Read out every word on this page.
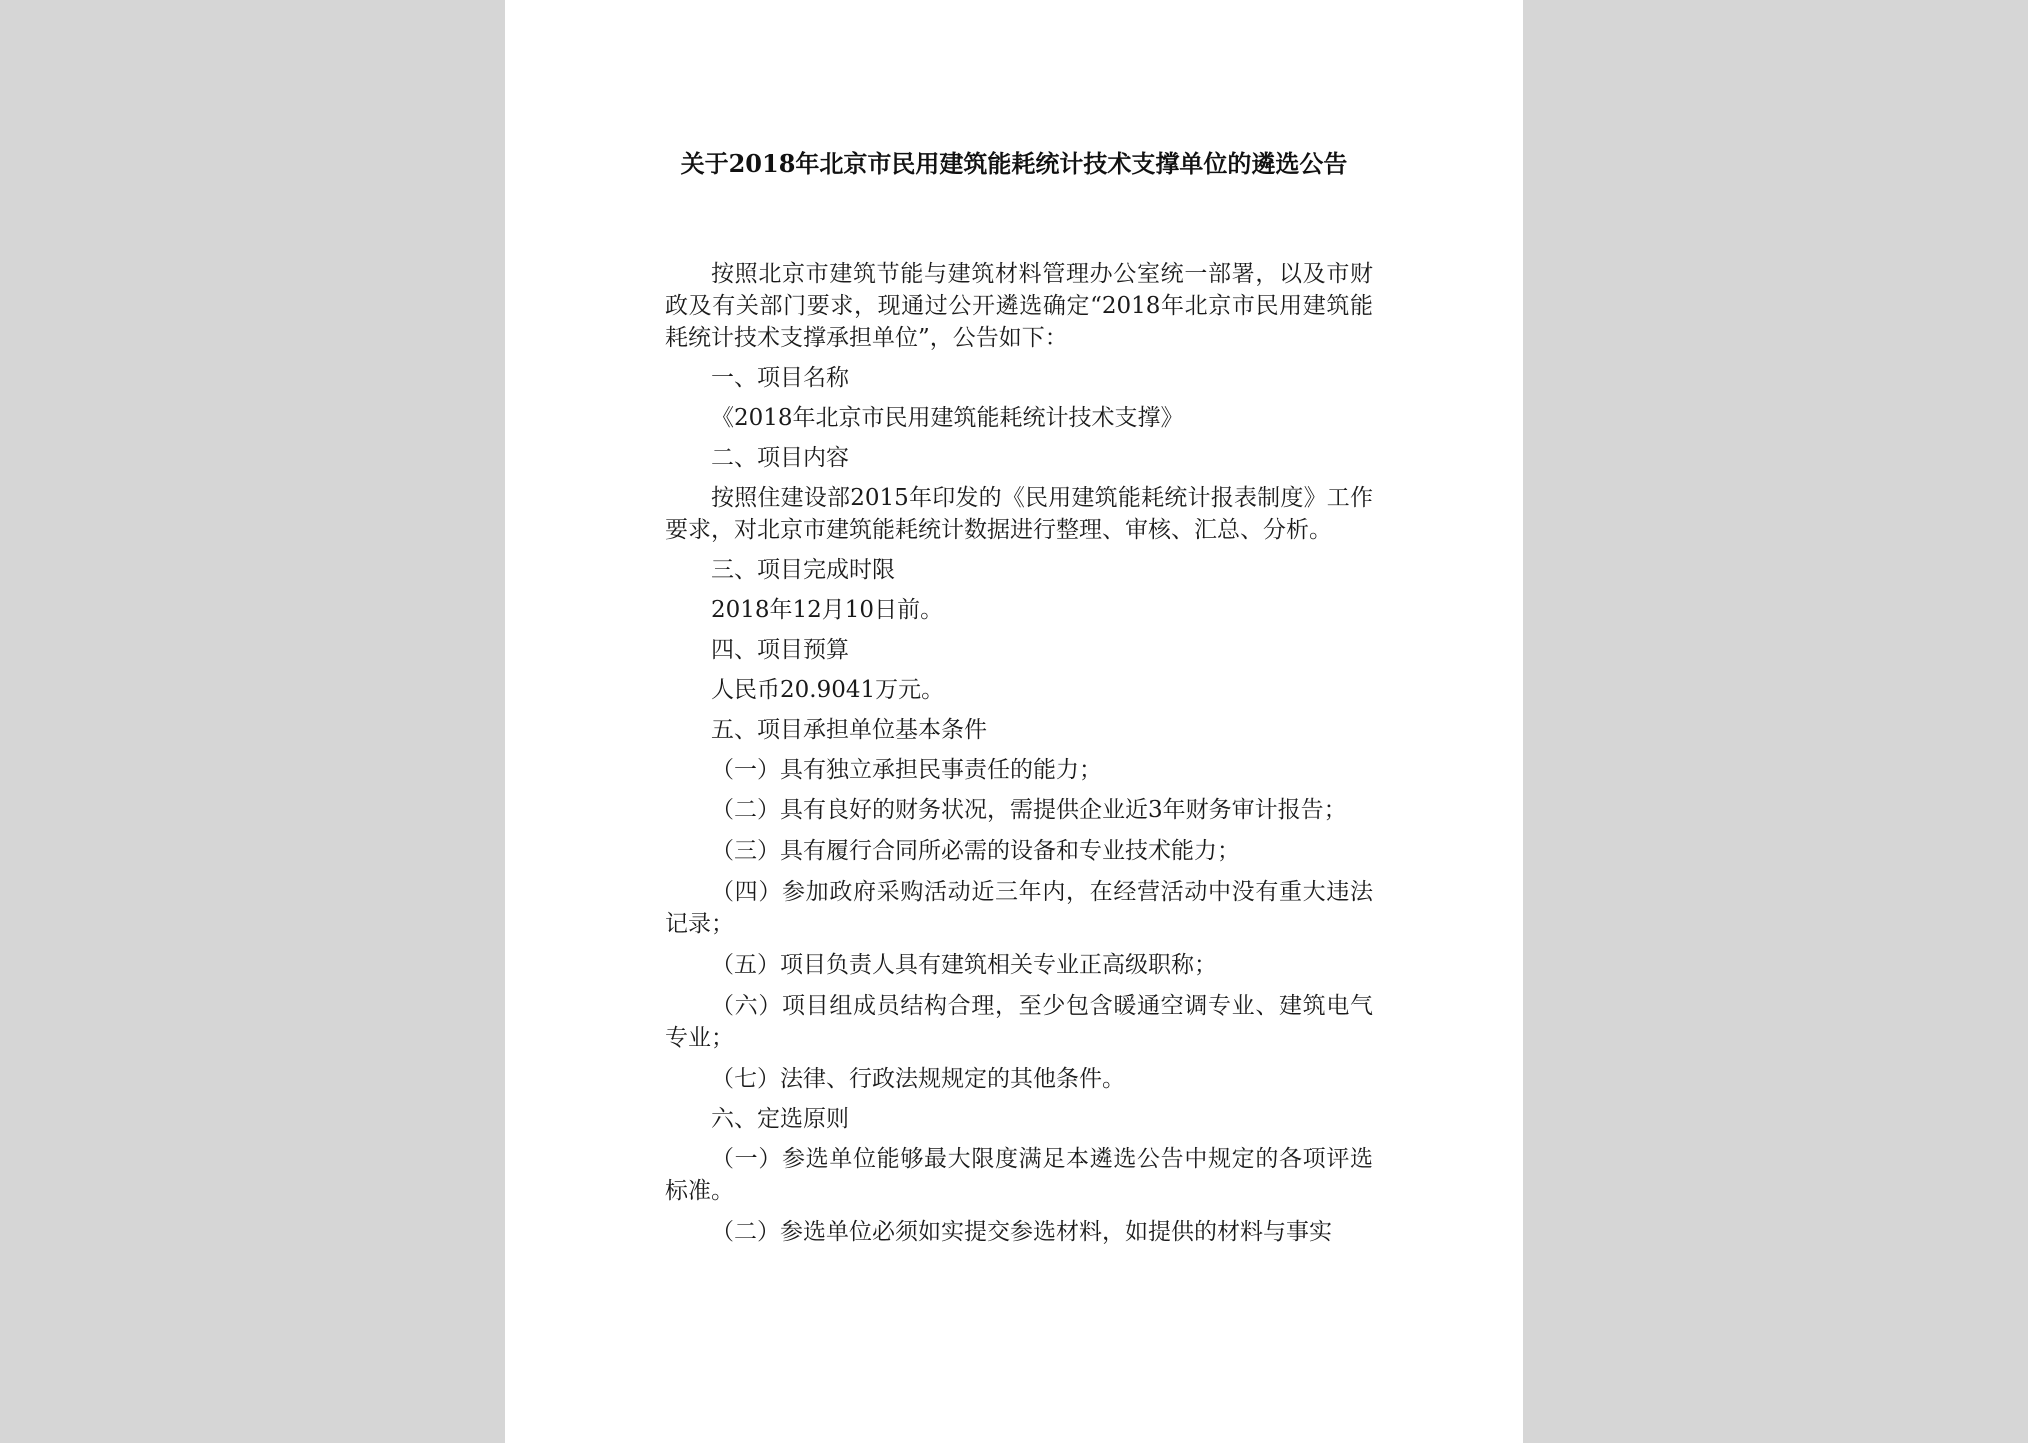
关于2018年北京市民用建筑能耗统计技术支撑单位的遴选公告

按照北京市建筑节能与建筑材料管理办公室统一部署，以及市财政及有关部门要求，现通过公开遴选确定“2018年北京市民用建筑能耗统计技术支撑承担单位”，公告如下：

一、项目名称

《2018年北京市民用建筑能耗统计技术支撑》

二、项目内容

按照住建设部2015年印发的《民用建筑能耗统计报表制度》工作要求，对北京市建筑能耗统计数据进行整理、审核、汇总、分析。

三、项目完成时限

2018年12月10日前。

四、项目预算

人民币20.9041万元。

五、项目承担单位基本条件

（一）具有独立承担民事责任的能力；

（二）具有良好的财务状况，需提供企业近3年财务审计报告；

（三）具有履行合同所必需的设备和专业技术能力；

（四）参加政府采购活动近三年内，在经营活动中没有重大违法记录；

（五）项目负责人具有建筑相关专业正高级职称；

（六）项目组成员结构合理，至少包含暖通空调专业、建筑电气专业；

（七）法律、行政法规规定的其他条件。

六、定选原则

（一）参选单位能够最大限度满足本遴选公告中规定的各项评选标准。

（二）参选单位必须如实提交参选材料，如提供的材料与事实
